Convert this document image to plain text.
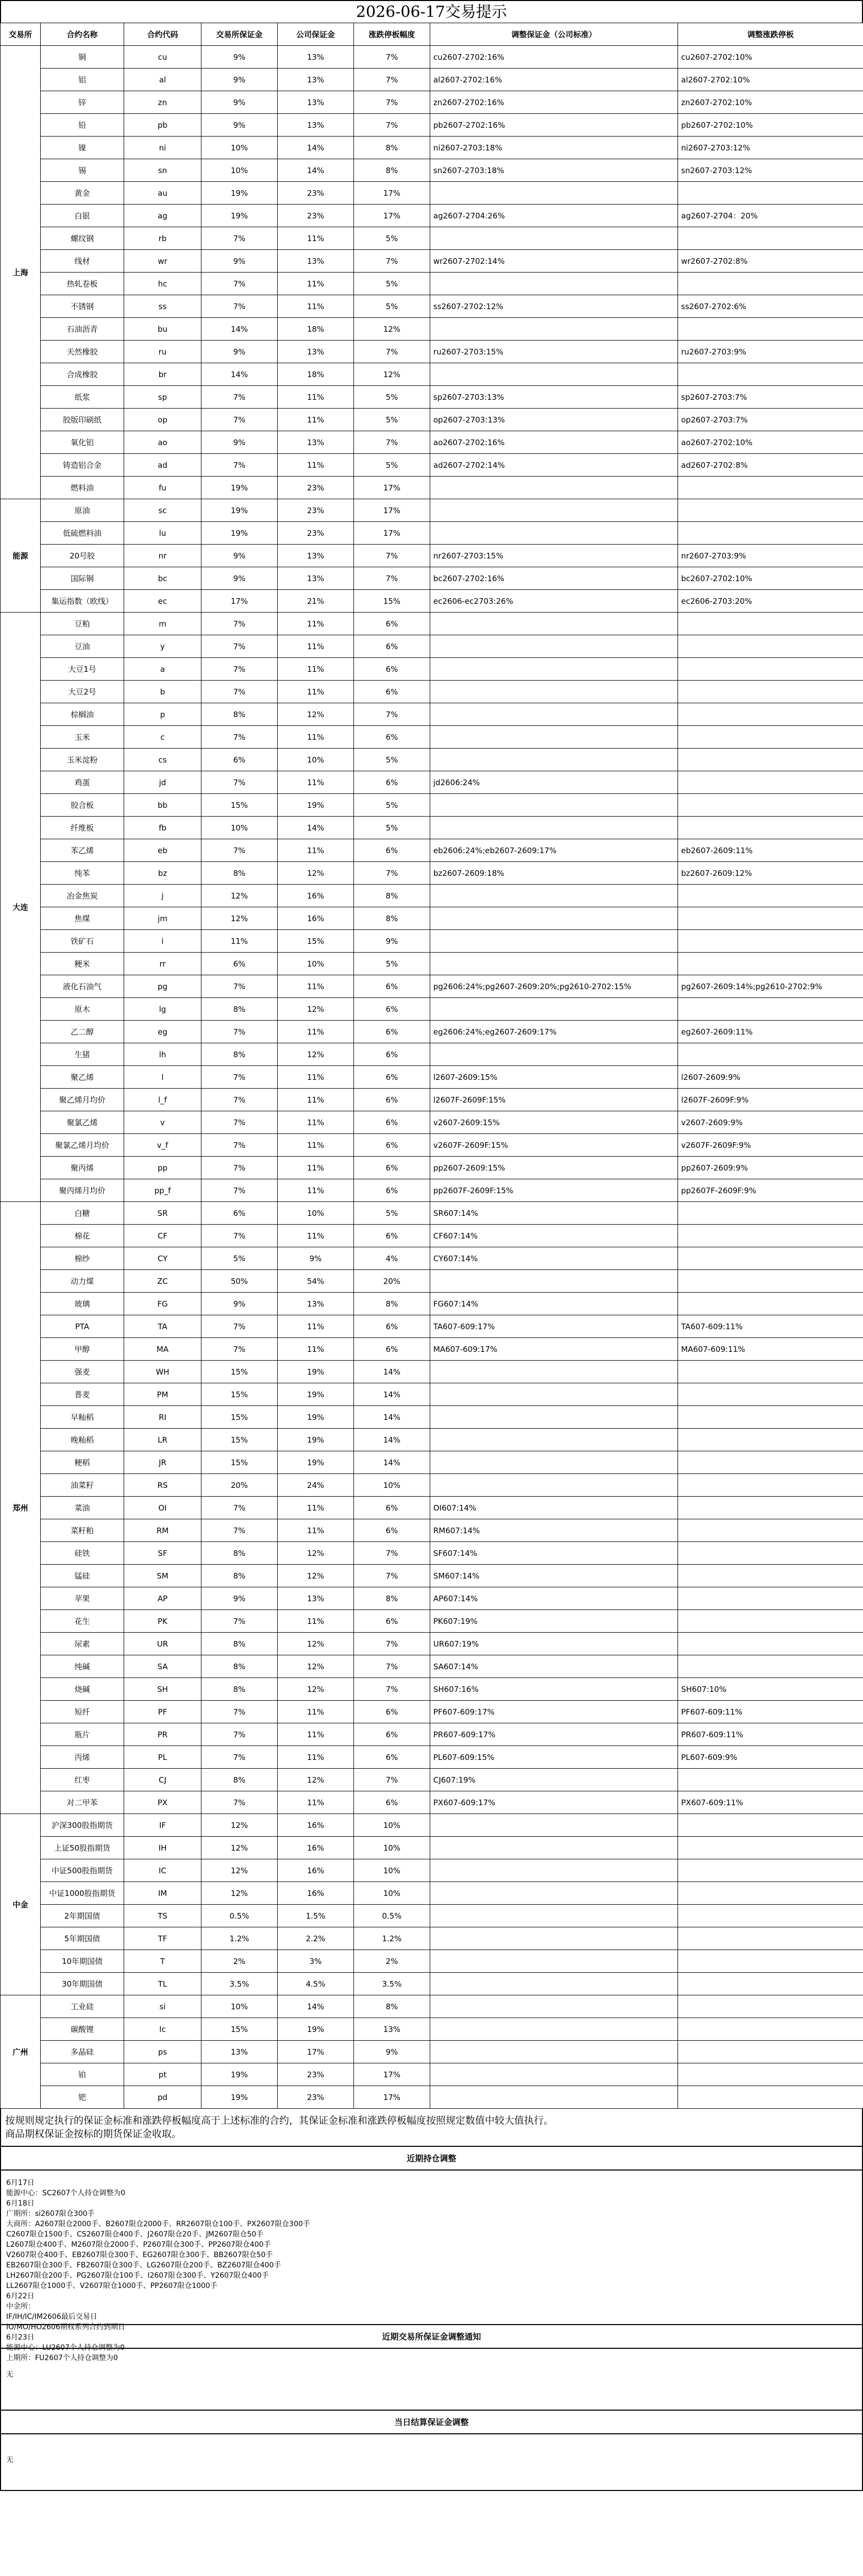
2026-06-17交易提示
交易所	合约名称	合约代码	交易所保证金	公司保证金	涨跌停板幅度	调整保证金（公司标准）	调整涨跌停板
上海	铜	cu	9%	13%	7%	cu2607-2702:16%	cu2607-2702:10%
	铝	al	9%	13%	7%	al2607-2702:16%	al2607-2702:10%
	锌	zn	9%	13%	7%	zn2607-2702:16%	zn2607-2702:10%
	铅	pb	9%	13%	7%	pb2607-2702:16%	pb2607-2702:10%
	镍	ni	10%	14%	8%	ni2607-2703:18%	ni2607-2703:12%
	锡	sn	10%	14%	8%	sn2607-2703:18%	sn2607-2703:12%
	黄金	au	19%	23%	17%		
	白银	ag	19%	23%	17%	ag2607-2704:26%	ag2607-2704：20%
	螺纹钢	rb	7%	11%	5%		
	线材	wr	9%	13%	7%	wr2607-2702:14%	wr2607-2702:8%
	热轧卷板	hc	7%	11%	5%		
	不锈钢	ss	7%	11%	5%	ss2607-2702:12%	ss2607-2702:6%
	石油沥青	bu	14%	18%	12%		
	天然橡胶	ru	9%	13%	7%	ru2607-2703:15%	ru2607-2703:9%
	合成橡胶	br	14%	18%	12%		
	纸浆	sp	7%	11%	5%	sp2607-2703:13%	sp2607-2703:7%
	胶版印刷纸	op	7%	11%	5%	op2607-2703:13%	op2607-2703:7%
	氧化铝	ao	9%	13%	7%	ao2607-2702:16%	ao2607-2702:10%
	铸造铝合金	ad	7%	11%	5%	ad2607-2702:14%	ad2607-2702:8%
	燃料油	fu	19%	23%	17%		
能源	原油	sc	19%	23%	17%		
	低硫燃料油	lu	19%	23%	17%		
	20号胶	nr	9%	13%	7%	nr2607-2703:15%	nr2607-2703:9%
	国际铜	bc	9%	13%	7%	bc2607-2702:16%	bc2607-2702:10%
	集运指数（欧线）	ec	17%	21%	15%	ec2606-ec2703:26%	ec2606-2703:20%
大连	豆粕	m	7%	11%	6%		
	豆油	y	7%	11%	6%		
	大豆1号	a	7%	11%	6%		
	大豆2号	b	7%	11%	6%		
	棕榈油	p	8%	12%	7%		
	玉米	c	7%	11%	6%		
	玉米淀粉	cs	6%	10%	5%		
	鸡蛋	jd	7%	11%	6%	jd2606:24%	
	胶合板	bb	15%	19%	5%		
	纤维板	fb	10%	14%	5%		
	苯乙烯	eb	7%	11%	6%	eb2606:24%;eb2607-2609:17%	eb2607-2609:11%
	纯苯	bz	8%	12%	7%	bz2607-2609:18%	bz2607-2609:12%
	冶金焦炭	j	12%	16%	8%		
	焦煤	jm	12%	16%	8%		
	铁矿石	i	11%	15%	9%		
	粳米	rr	6%	10%	5%		
	液化石油气	pg	7%	11%	6%	pg2606:24%;pg2607-2609:20%;pg2610-2702:15%	pg2607-2609:14%;pg2610-2702:9%
	原木	lg	8%	12%	6%		
	乙二醇	eg	7%	11%	6%	eg2606:24%;eg2607-2609:17%	eg2607-2609:11%
	生猪	lh	8%	12%	6%		
	聚乙烯	l	7%	11%	6%	l2607-2609:15%	l2607-2609:9%
	聚乙烯月均价	l_f	7%	11%	6%	l2607F-2609F:15%	l2607F-2609F:9%
	聚氯乙烯	v	7%	11%	6%	v2607-2609:15%	v2607-2609:9%
	聚氯乙烯月均价	v_f	7%	11%	6%	v2607F-2609F:15%	v2607F-2609F:9%
	聚丙烯	pp	7%	11%	6%	pp2607-2609:15%	pp2607-2609:9%
	聚丙烯月均价	pp_f	7%	11%	6%	pp2607F-2609F:15%	pp2607F-2609F:9%
郑州	白糖	SR	6%	10%	5%	SR607:14%	
	棉花	CF	7%	11%	6%	CF607:14%	
	棉纱	CY	5%	9%	4%	CY607:14%	
	动力煤	ZC	50%	54%	20%		
	玻璃	FG	9%	13%	8%	FG607:14%	
	PTA	TA	7%	11%	6%	TA607-609:17%	TA607-609:11%
	甲醇	MA	7%	11%	6%	MA607-609:17%	MA607-609:11%
	强麦	WH	15%	19%	14%		
	普麦	PM	15%	19%	14%		
	早籼稻	RI	15%	19%	14%		
	晚籼稻	LR	15%	19%	14%		
	粳稻	JR	15%	19%	14%		
	油菜籽	RS	20%	24%	10%		
	菜油	OI	7%	11%	6%	OI607:14%	
	菜籽粕	RM	7%	11%	6%	RM607:14%	
	硅铁	SF	8%	12%	7%	SF607:14%	
	锰硅	SM	8%	12%	7%	SM607:14%	
	苹果	AP	9%	13%	8%	AP607:14%	
	花生	PK	7%	11%	6%	PK607:19%	
	尿素	UR	8%	12%	7%	UR607:19%	
	纯碱	SA	8%	12%	7%	SA607:14%	
	烧碱	SH	8%	12%	7%	SH607:16%	SH607:10%
	短纤	PF	7%	11%	6%	PF607-609:17%	PF607-609:11%
	瓶片	PR	7%	11%	6%	PR607-609:17%	PR607-609:11%
	丙烯	PL	7%	11%	6%	PL607-609:15%	PL607-609:9%
	红枣	CJ	8%	12%	7%	CJ607:19%	
	对二甲苯	PX	7%	11%	6%	PX607-609:17%	PX607-609:11%
中金	沪深300股指期货	IF	12%	16%	10%		
	上证50股指期货	IH	12%	16%	10%		
	中证500股指期货	IC	12%	16%	10%		
	中证1000股指期货	IM	12%	16%	10%		
	2年期国债	TS	0.5%	1.5%	0.5%		
	5年期国债	TF	1.2%	2.2%	1.2%		
	10年期国债	T	2%	3%	2%		
	30年期国债	TL	3.5%	4.5%	3.5%		
广州	工业硅	si	10%	14%	8%		
	碳酸锂	lc	15%	19%	13%		
	多晶硅	ps	13%	17%	9%		
	铂	pt	19%	23%	17%		
	钯	pd	19%	23%	17%		
按规则规定执行的保证金标准和涨跌停板幅度高于上述标准的合约，其保证金标准和涨跌停板幅度按照规定数值中较大值执行。
商品期权保证金按标的期货保证金收取。
近期持仓调整
6月17日
能源中心：SC2607个人持仓调整为0
6月18日
广期所：si2607限仓300手
大商所：A2607限仓2000手、B2607限仓2000手、RR2607限仓100手、PX2607限仓300手
C2607限仓1500手、CS2607限仓400手、J2607限仓20手、JM2607限仓50手
L2607限仓400手、M2607限仓2000手、P2607限仓300手、PP2607限仓400手
V2607限仓400手、EB2607限仓300手、EG2607限仓300手、BB2607限仓50手
EB2607限仓300手、FB2607限仓300手、LG2607限仓200手、BZ2607限仓400手
LH2607限仓200手、PG2607限仓100手、I2607限仓300手、Y2607限仓400手
LL2607限仓1000手、V2607限仓1000手、PP2607限仓1000手
6月22日
中金所：
IF/IH/IC/IM2606最后交易日
IO/MO/HO2606期权系列合约到期日
6月23日
能源中心：LU2607个人持仓调整为0
上期所：FU2607个人持仓调整为0
近期交易所保证金调整通知
无
当日结算保证金调整
无
